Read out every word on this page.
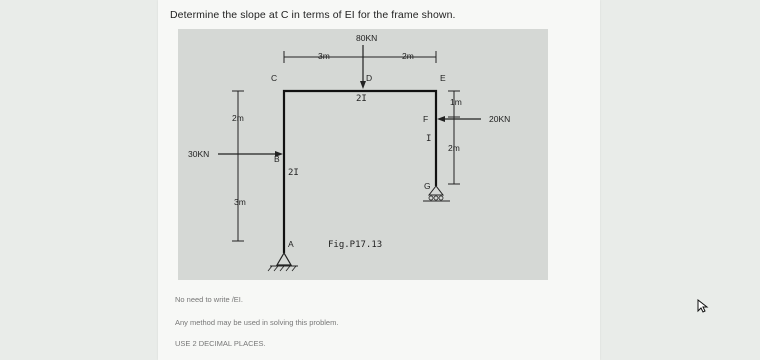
Determine the slope at C in terms of EI for the frame shown.
3m	2m
80KN
2m
3m
30KN
1m
2m
20KN
C	D	E
F
I
G
B
A
2I
2I
Fig.P17.13
No need to write /EI.
Any method may be used in solving this problem.
USE 2 DECIMAL PLACES.
